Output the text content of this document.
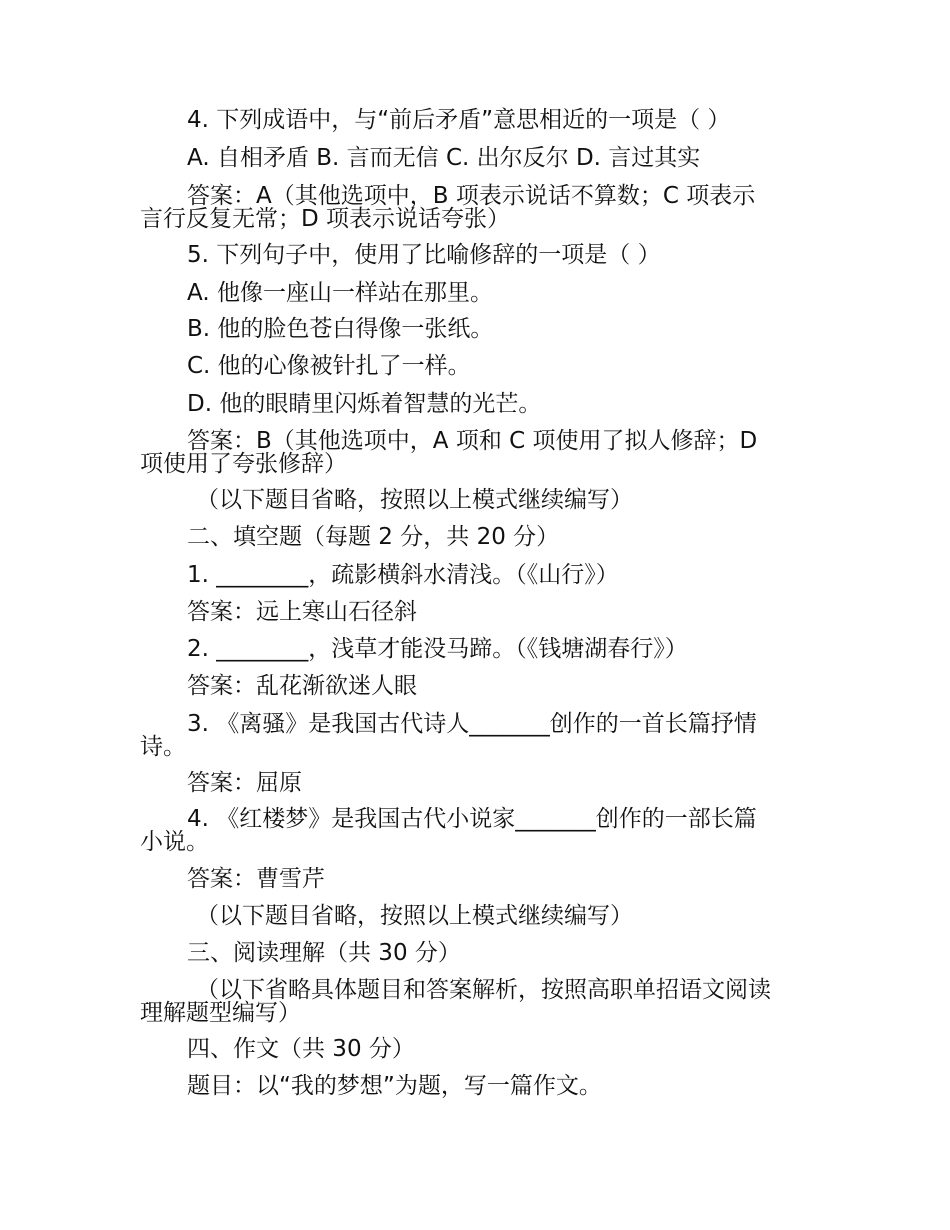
4. 下列成语中，与“前后矛盾”意思相近的一项是（ ）
A. 自相矛盾 B. 言而无信 C. 出尔反尔 D. 言过其实
答案：A（其他选项中，B 项表示说话不算数；C 项表示
言行反复无常；D 项表示说话夸张）
5. 下列句子中，使用了比喻修辞的一项是（ ）
A. 他像一座山一样站在那里。
B. 他的脸色苍白得像一张纸。
C. 他的心像被针扎了一样。
D. 他的眼睛里闪烁着智慧的光芒。
答案：B（其他选项中，A 项和 C 项使用了拟人修辞；D
项使用了夸张修辞）
（以下题目省略，按照以上模式继续编写）
二、填空题（每题 2 分，共 20 分）
1. ________，疏影横斜水清浅。（《山行》）
答案：远上寒山石径斜
2. ________，浅草才能没马蹄。（《钱塘湖春行》）
答案：乱花渐欲迷人眼
3. 《离骚》是我国古代诗人_______创作的一首长篇抒情
诗。
答案：屈原
4. 《红楼梦》是我国古代小说家_______创作的一部长篇
小说。
答案：曹雪芹
（以下题目省略，按照以上模式继续编写）
三、阅读理解（共 30 分）
（以下省略具体题目和答案解析，按照高职单招语文阅读
理解题型编写）
四、作文（共 30 分）
题目：以“我的梦想”为题，写一篇作文。
